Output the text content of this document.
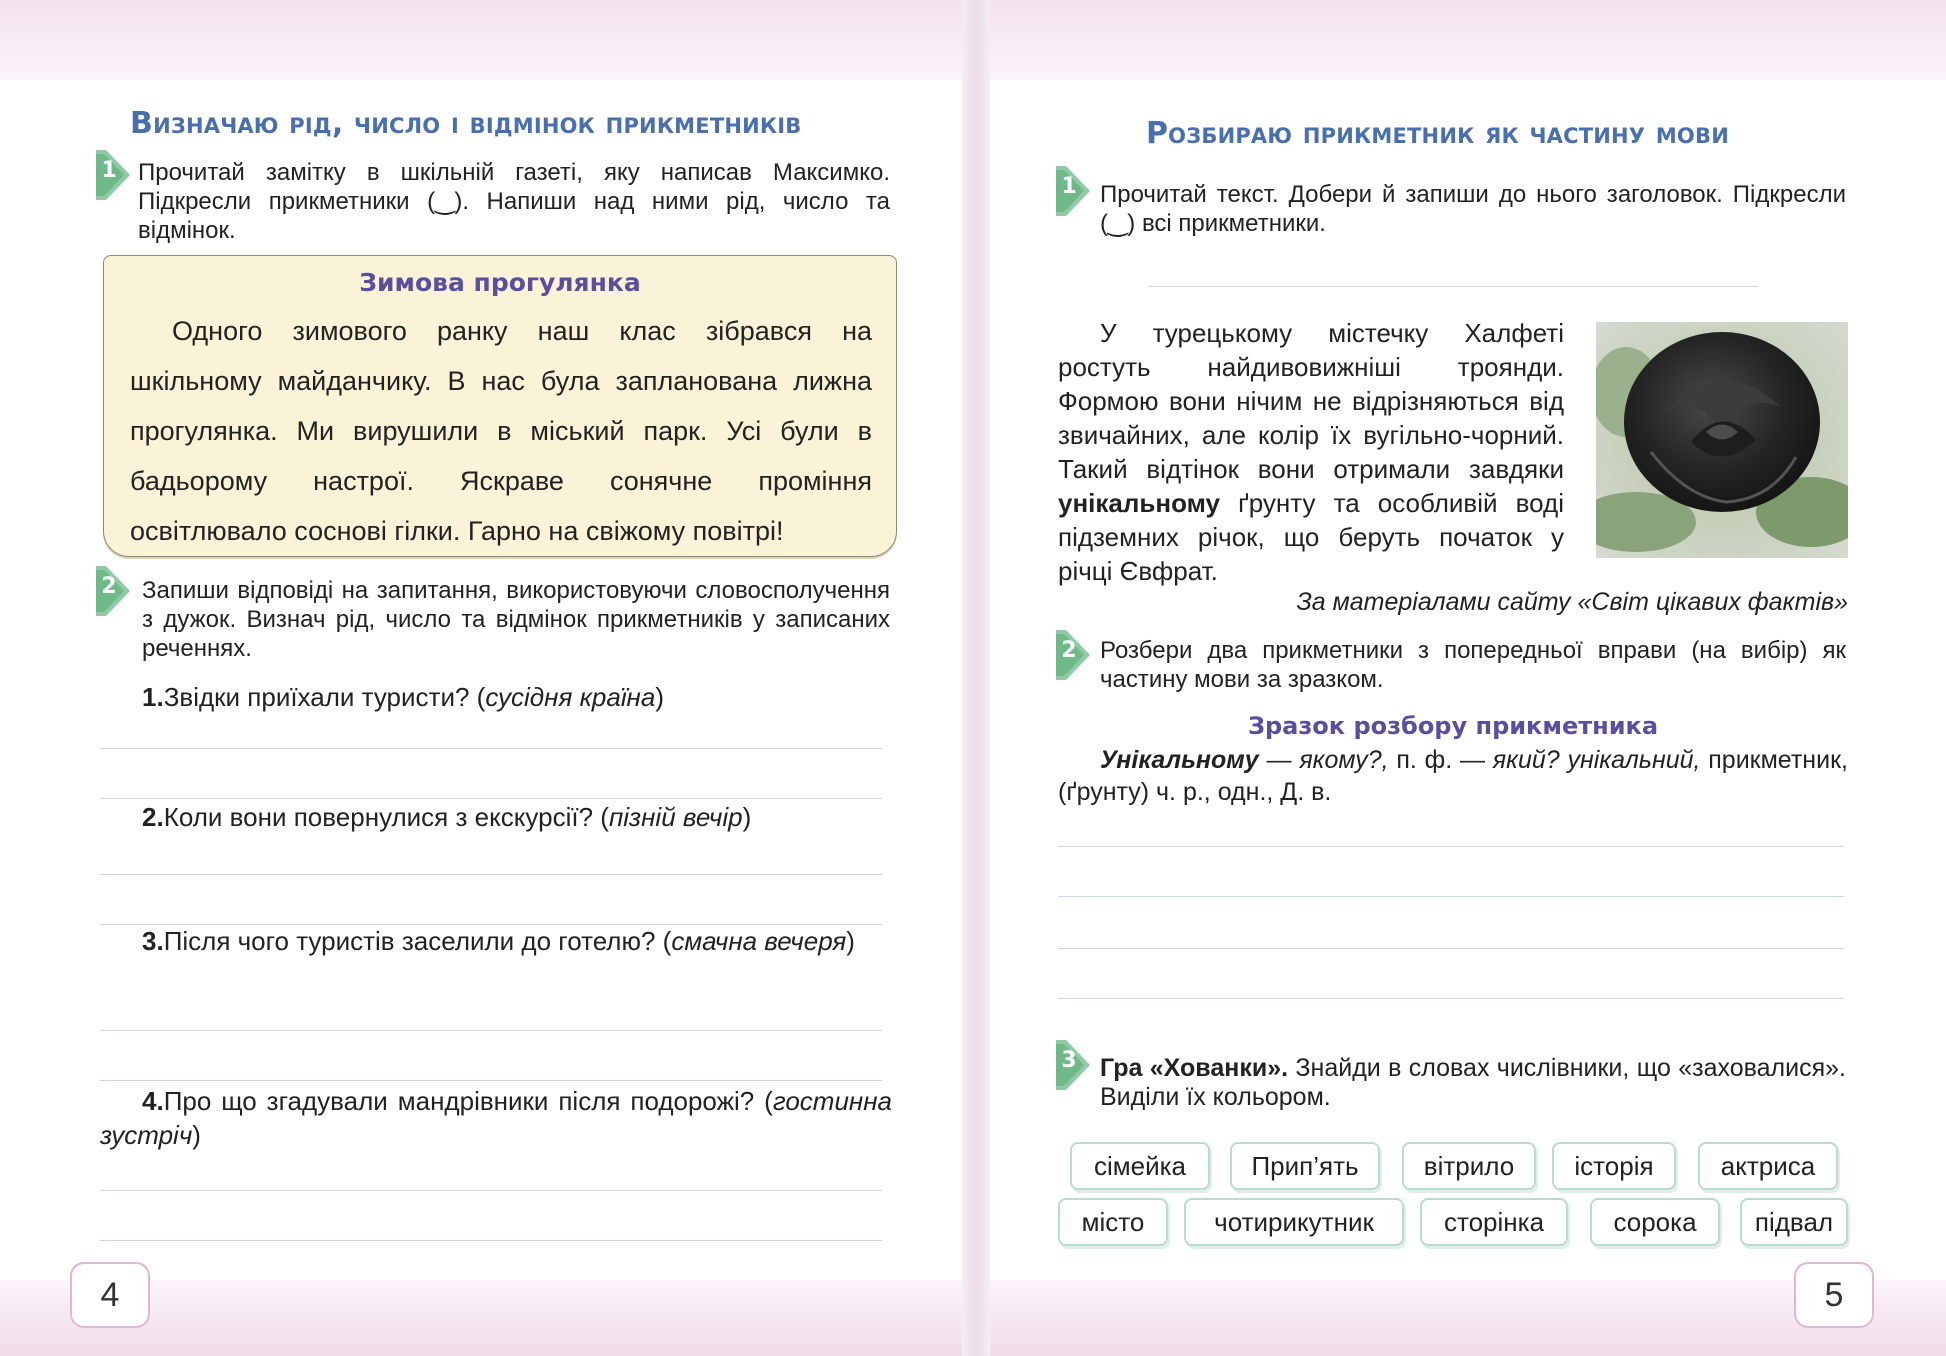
Визначаю рід, число і відмінок прикметників
1 Прочитай замітку в шкільній газеті, яку написав Максимко. Підкресли прикметники (‿). Напиши над ними рід, число та відмінок.
Зимова прогулянка
Одного зимового ранку наш клас зібрався на шкільному майданчику. В нас була запланована лижна прогулянка. Ми вирушили в міський парк. Усі були в бадьорому настрої. Яскраве сонячне проміння освітлювало соснові гілки. Гарно на свіжому повітрі!
2 Запиши відповіді на запитання, використовуючи словосполучення з дужок. Визнач рід, число та відмінок прикметників у записаних реченнях.
1.Звідки приїхали туристи? (сусідня країна)
2.Коли вони повернулися з екскурсії? (пізній вечір)
3.Після чого туристів заселили до готелю? (смачна вечеря)
4.Про що згадували мандрівники після подорожі? (гостинна зустріч)
4
Розбираю прикметник як частину мови
1 Прочитай текст. Добери й запиши до нього заголовок. Підкресли (‿) всі прикметники.
У турецькому містечку Халфеті ростуть найдивовижніші троянди. Формою вони нічим не відрізняються від звичайних, але колір їх вугільно-чорний. Такий відтінок вони отримали завдяки унікальному ґрунту та особливій воді підземних річок, що беруть початок у річці Євфрат.
За матеріалами сайту «Світ цікавих фактів»
2 Розбери два прикметники з попередньої вправи (на вибір) як частину мови за зразком.
Зразок розбору прикметника
Унікальному — якому?, п. ф. — який? унікальний, прикметник, (ґрунту) ч. р., одн., Д. в.
3 Гра «Хованки». Знайди в словах числівники, що «заховалися». Виділи їх кольором.
сімейка	Прип’ять	вітрило	історія	актриса
місто	чотирикутник	сторінка	сорока	підвал
5
